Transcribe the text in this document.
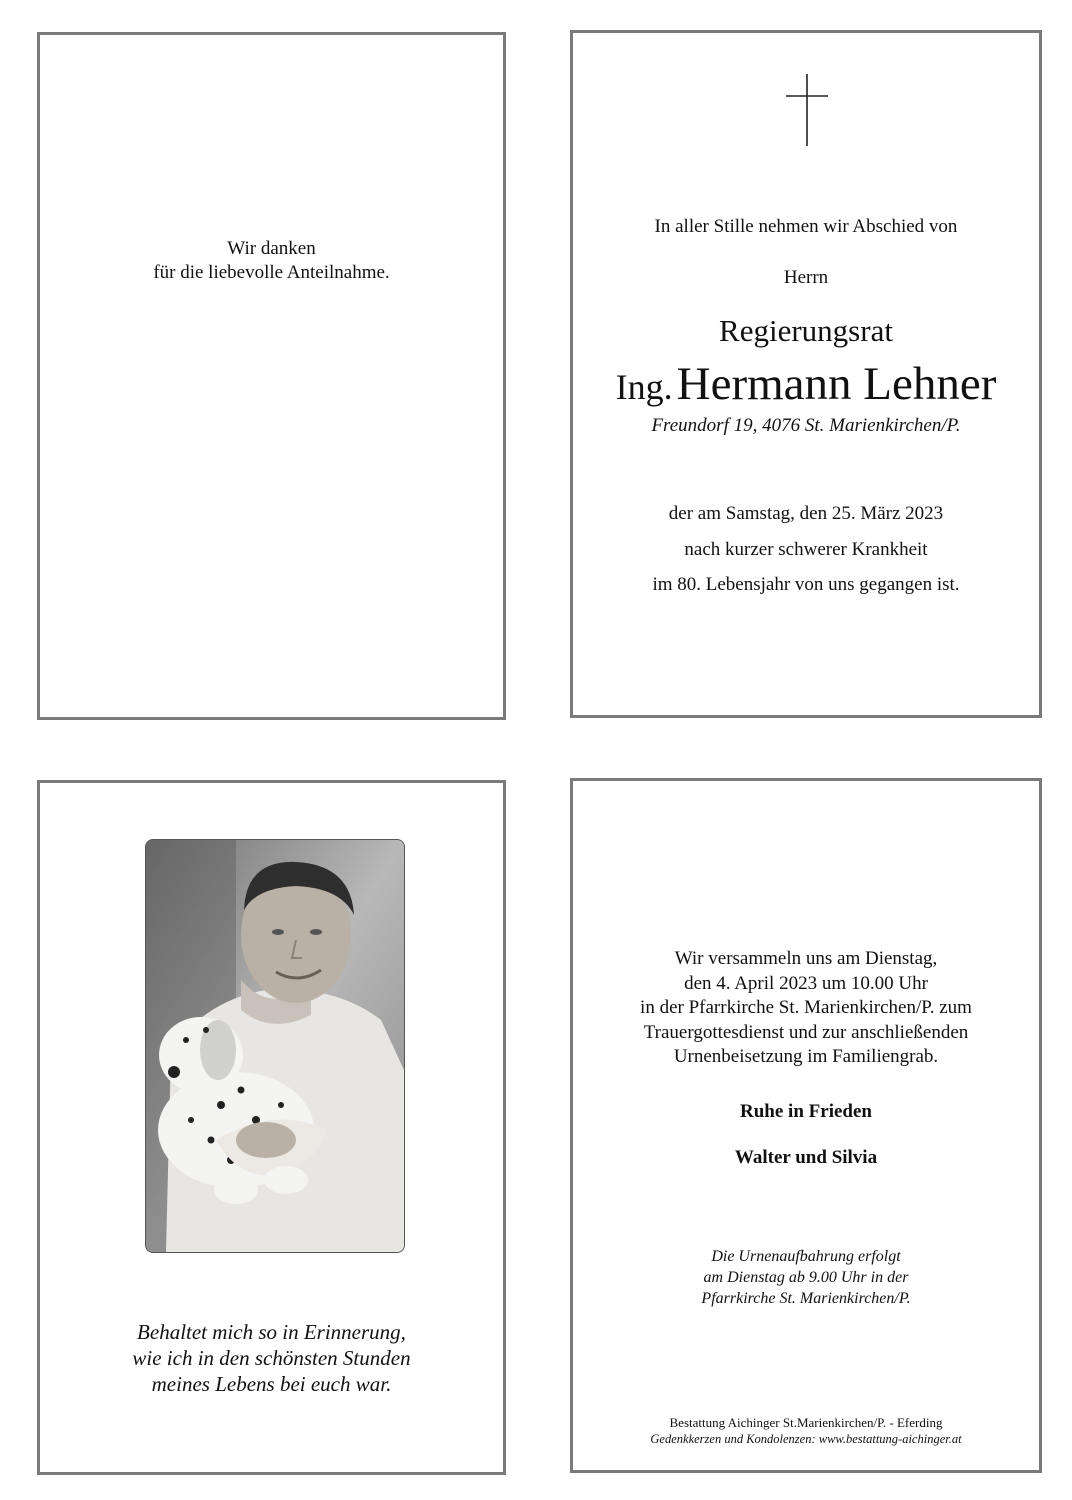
Wir danken
für die liebevolle Anteilnahme.
In aller Stille nehmen wir Abschied von
Herrn
Regierungsrat
Ing. Hermann Lehner
Freundorf 19, 4076 St. Marienkirchen/P.
der am Samstag, den 25. März 2023
nach kurzer schwerer Krankheit
im 80. Lebensjahr von uns gegangen ist.
Behaltet mich so in Erinnerung,
wie ich in den schönsten Stunden
meines Lebens bei euch war.
Wir versammeln uns am Dienstag,
den 4. April 2023 um 10.00 Uhr
in der Pfarrkirche St. Marienkirchen/P. zum
Trauergottesdienst und zur anschließenden
Urnenbeisetzung im Familiengrab.
Ruhe in Frieden
Walter und Silvia
Die Urnenaufbahrung erfolgt
am Dienstag ab 9.00 Uhr in der
Pfarrkirche St. Marienkirchen/P.
Bestattung Aichinger St.Marienkirchen/P. - Eferding
Gedenkkerzen und Kondolenzen: www.bestattung-aichinger.at
